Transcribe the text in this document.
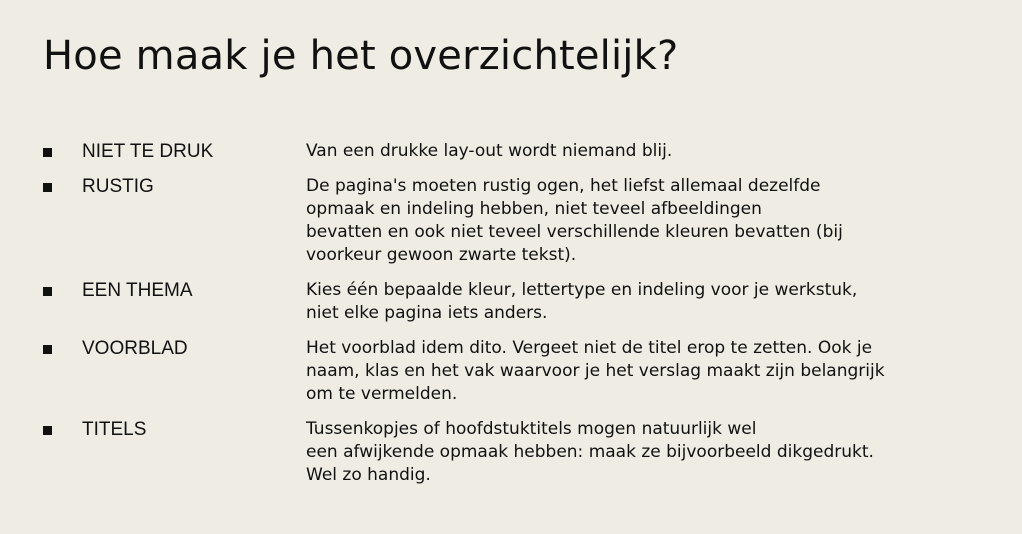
Hoe maak je het overzichtelijk?
NIET TE DRUK	Van een drukke lay-out wordt niemand blij.
RUSTIG	De pagina's moeten rustig ogen, het liefst allemaal dezelfde
opmaak en indeling hebben, niet teveel afbeeldingen
bevatten en ook niet teveel verschillende kleuren bevatten (bij
voorkeur gewoon zwarte tekst).
EEN THEMA	Kies één bepaalde kleur, lettertype en indeling voor je werkstuk,
niet elke pagina iets anders.
VOORBLAD	Het voorblad idem dito. Vergeet niet de titel erop te zetten. Ook je
naam, klas en het vak waarvoor je het verslag maakt zijn belangrijk
om te vermelden.
TITELS	Tussenkopjes of hoofdstuktitels mogen natuurlijk wel
een afwijkende opmaak hebben: maak ze bijvoorbeeld dikgedrukt.
Wel zo handig.
